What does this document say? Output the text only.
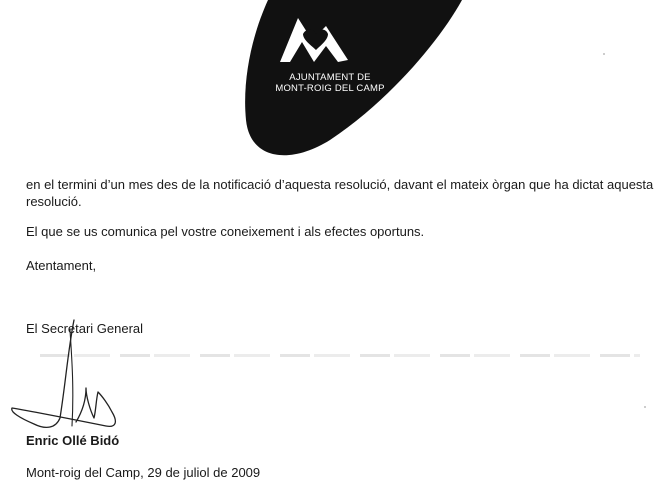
AJUNTAMENT DE
MONT-ROIG DEL CAMP
en el termini d’un mes des de la notificació d’aquesta resolució, davant el mateix òrgan que ha dictat aquesta resolució.
El que se us comunica pel vostre coneixement i als efectes oportuns.
Atentament,
El Secretari General
Enric Ollé Bidó
Mont-roig del Camp, 29 de juliol de 2009
